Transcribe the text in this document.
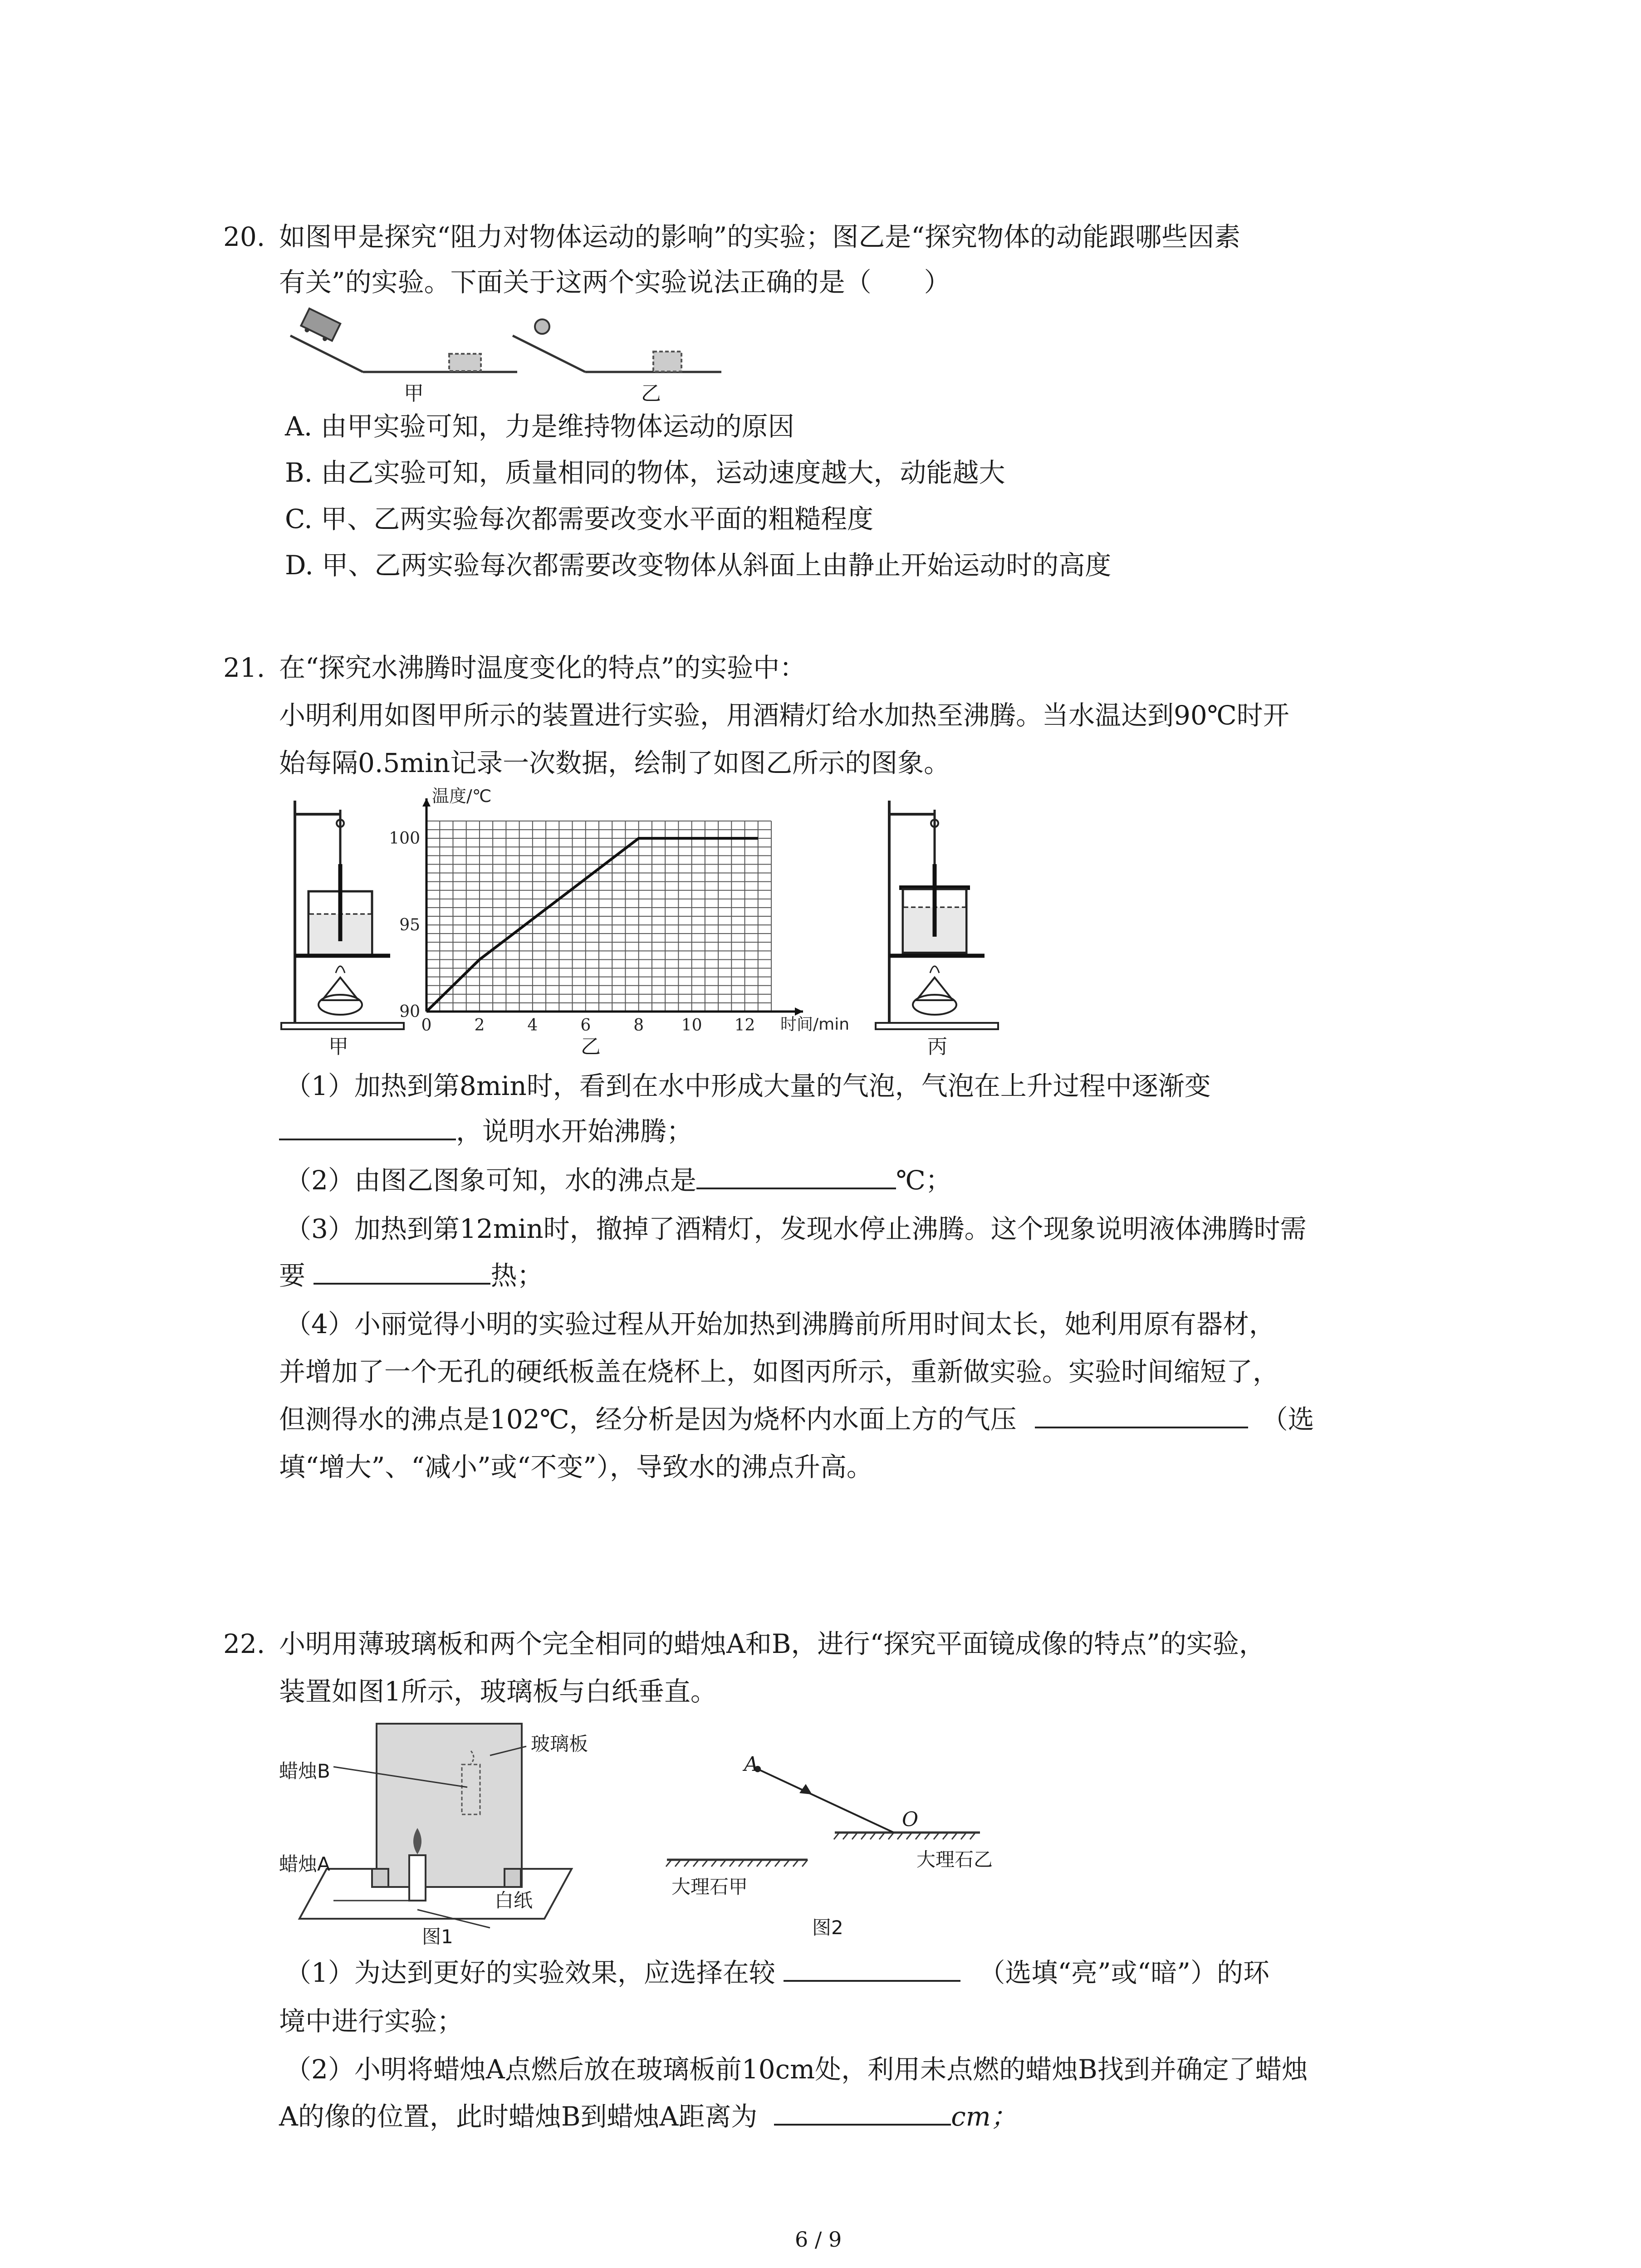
20. 如图甲是探究“阻力对物体运动的影响”的实验；图乙是“探究物体的动能跟哪些因素
有关”的实验。下面关于这两个实验说法正确的是（　　）
甲	乙
A. 由甲实验可知，力是维持物体运动的原因
B. 由乙实验可知，质量相同的物体，运动速度越大，动能越大
C. 甲、乙两实验每次都需要改变水平面的粗糙程度
D. 甲、乙两实验每次都需要改变物体从斜面上由静止开始运动时的高度
21. 在“探究水沸腾时温度变化的特点”的实验中：
小明利用如图甲所示的装置进行实验，用酒精灯给水加热至沸腾。当水温达到90℃时开
始每隔0.5min记录一次数据，绘制了如图乙所示的图象。
甲
0	2	4	6	8 10 12
90
95
100
温度/℃
时间/min
乙	丙
（1）加热到第8min时，看到在水中形成大量的气泡，气泡在上升过程中逐渐变
，说明水开始沸腾；
（2）由图乙图象可知，水的沸点是	℃；
（3）加热到第12min时，撤掉了酒精灯，发现水停止沸腾。这个现象说明液体沸腾时需
要	热；
（4）小丽觉得小明的实验过程从开始加热到沸腾前所用时间太长，她利用原有器材，
并增加了一个无孔的硬纸板盖在烧杯上，如图丙所示，重新做实验。实验时间缩短了，
但测得水的沸点是102℃，经分析是因为烧杯内水面上方的气压	（选
填“增大”、“减小”或“不变”），导致水的沸点升高。
22. 小明用薄玻璃板和两个完全相同的蜡烛A和B，进行“探究平面镜成像的特点”的实验，
装置如图1所示，玻璃板与白纸垂直。
蜡烛B
玻璃板
蜡烛A
白纸
图1
A
O
大理石甲
大理石乙
图2
（1）为达到更好的实验效果，应选择在较	（选填“亮”或“暗”）的环
境中进行实验；
（2）小明将蜡烛A点燃后放在玻璃板前10cm处，利用未点燃的蜡烛B找到并确定了蜡烛
A的像的位置，此时蜡烛B到蜡烛A距离为	cm；
6 / 9
